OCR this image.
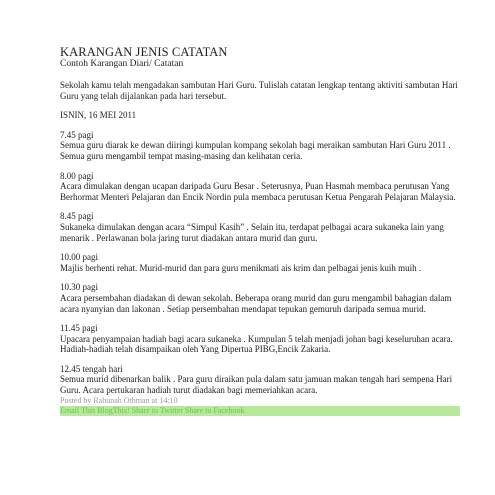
KARANGAN JENIS CATATAN
Contoh Karangan Diari/ Catatan
Sekolah kamu telah mengadakan sambutan Hari Guru. Tulislah catatan lengkap tentang aktiviti sambutan Hari Guru yang telah dijalankan pada hari tersebut.
ISNIN, 16 MEI 2011
7.45 pagi
Semua guru diarak ke dewan diiringi kumpulan kompang sekolah bagi meraikan sambutan Hari Guru 2011 . Semua guru mengambil tempat masing-masing dan kelihatan ceria.
8.00 pagi
Acara dimulakan dengan ucapan daripada Guru Besar . Seterusnya, Puan Hasmah membaca perutusan Yang Berhormat Menteri Pelajaran dan Encik Nordin pula membaca perutusan Ketua Pengarah Pelajaran Malaysia.
8.45 pagi
Sukaneka dimulakan dengan acara “Simpul Kasih” . Selain itu, terdapat pelbagai acara sukaneka lain yang menarik . Perlawanan bola jaring turut diadakan antara murid dan guru.
10.00 pagi
Majlis berhenti rehat. Murid-murid dan para guru menikmati ais krim dan pelbagai jenis kuih muih .
10.30 pagi
Acara persembahan diadakan di dewan sekolah. Beberapa orang murid dan guru mengambil bahagian dalam acara nyanyian dan lakonan . Setiap persembahan mendapat tepukan gemuruh daripada semua murid.
11.45 pagi
Upacara penyampaian hadiah bagi acara sukaneka . Kumpulan 5 telah menjadi johan bagi keseluruhan acara. Hadiah-hadiah telah disampaikan oleh Yang Dipertua PIBG,Encik Zakaria.
12.45 tengah hari
Semua murid dibenarkan balik . Para guru diraikan pula dalam satu jamuan makan tengah hari sempena Hari Guru. Acara pertukaran hadiah turut diadakan bagi memeriahkan acara.
Posted by Rahunah Othman at 14:10
Email This BlogThis! Share to Twitter Share to Facebook
